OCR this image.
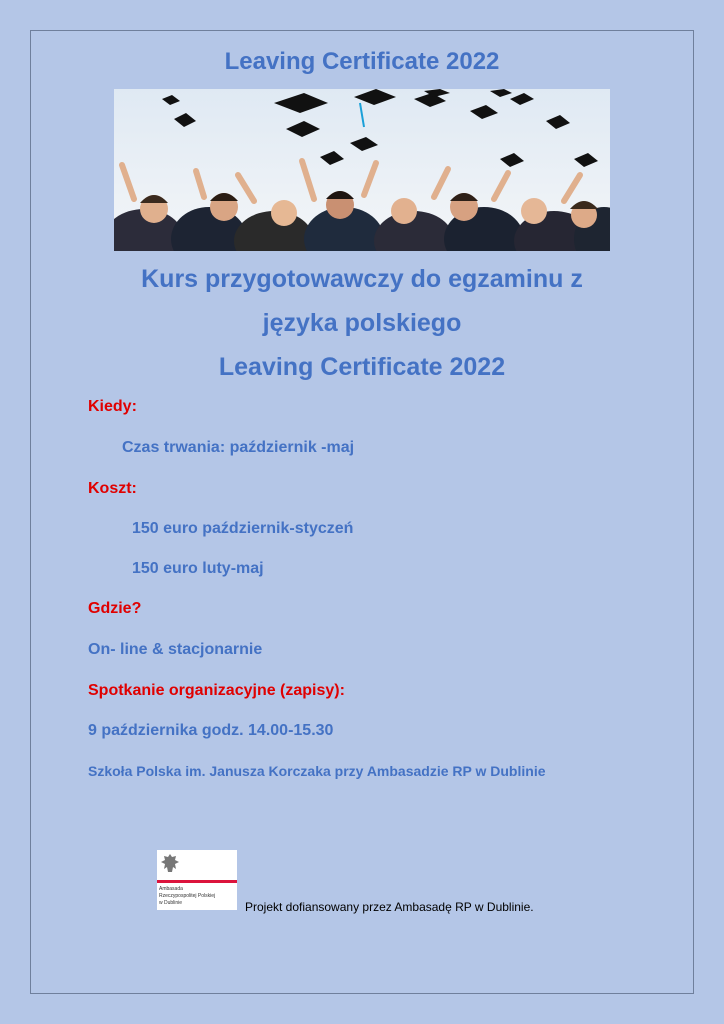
Leaving Certificate 2022
Kurs przygotowawczy do egzaminu z
języka polskiego
Leaving Certificate 2022
Kiedy:
Czas trwania: październik -maj
Koszt:
150 euro październik-styczeń
150 euro luty-maj
Gdzie?
On- line & stacjonarnie
Spotkanie organizacyjne (zapisy):
9 października godz. 14.00-15.30
Szkoła Polska im. Janusza Korczaka przy Ambasadzie RP w Dublinie
Ambasada
Rzeczypospolitej Polskiej
w Dublinie	Projekt dofiansowany przez Ambasadę RP w Dublinie.
